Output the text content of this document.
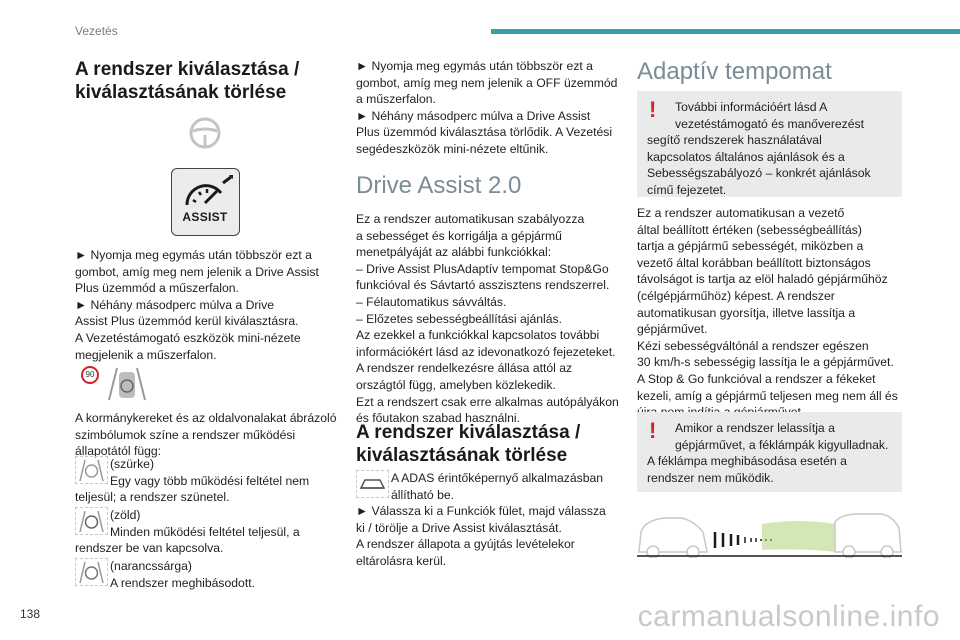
Vezetés
A rendszer kiválasztása / kiválasztásának törlése
ASSIST

► Nyomja meg egymás után többször ezt a

gombot, amíg meg nem jelenik a Drive Assist

Plus üzemmód a műszerfalon.

► Néhány másodperc múlva a Drive

Assist Plus üzemmód kerül kiválasztásra.

A Vezetéstámogató eszközök mini-nézete

megjelenik a műszerfalon.

90

A kormánykereket és az oldalvonalakat ábrázoló

szimbólumok színe a rendszer működési

állapotától függ:

(szürke)

Egy vagy több működési feltétel nem

teljesül; a rendszer szünetel.

(zöld)

Minden működési feltétel teljesül, a

rendszer be van kapcsolva.

(narancssárga)

A rendszer meghibásodott.

► Nyomja meg egymás után többször ezt a

gombot, amíg meg nem jelenik a OFF üzemmód

a műszerfalon.

► Néhány másodperc múlva a Drive Assist

Plus üzemmód kiválasztása törlődik. A Vezetési

segédeszközök mini-nézete eltűnik.

Drive Assist 2.0

Ez a rendszer automatikusan szabályozza

a sebességet és korrigálja a gépjármű

menetpályáját az alábbi funkciókkal:

– Drive Assist PlusAdaptív tempomat Stop&Go

funkcióval és Sávtartó asszisztens rendszerrel.

– Félautomatikus sávváltás.

– Előzetes sebességbeállítási ajánlás.

Az ezekkel a funkciókkal kapcsolatos további

információkért lásd az idevonatkozó fejezeteket.

A rendszer rendelkezésre állása attól az

országtól függ, amelyben közlekedik.

Ezt a rendszert csak erre alkalmas autópályákon

és főutakon szabad használni.

A rendszer kiválasztása / kiválasztásának törlése

A ADAS érintőképernyő alkalmazásban

állítható be.

► Válassza ki a Funkciók fület, majd válassza

ki / törölje a Drive Assist kiválasztását.

A rendszer állapota a gyújtás levételekor

eltárolásra kerül.

Adaptív tempomat
! További információért lásd A

vezetéstámogató és manőverezést

segítő rendszerek használatával

kapcsolatos általános ajánlások és a

Sebességszabályozó – konkrét ajánlások

című fejezetet.

Ez a rendszer automatikusan a vezető

által beállított értéken (sebességbeállítás)

tartja a gépjármű sebességét, miközben a

vezető által korábban beállított biztonságos

távolságot is tartja az elöl haladó gépjárműhöz

(célgépjárműhöz) képest. A rendszer

automatikusan gyorsítja, illetve lassítja a

gépjárművet.

Kézi sebességváltónál a rendszer egészen

30 km/h-s sebességig lassítja le a gépjárművet.

A Stop & Go funkcióval a rendszer a fékeket

kezeli, amíg a gépjármű teljesen meg nem áll és

! Amikor a rendszer lelassítja a

gépjárművet, a féklámpák kigyulladnak.

A féklámpa meghibásodása esetén a

rendszer nem működik.

138	carmanualsonline.info
